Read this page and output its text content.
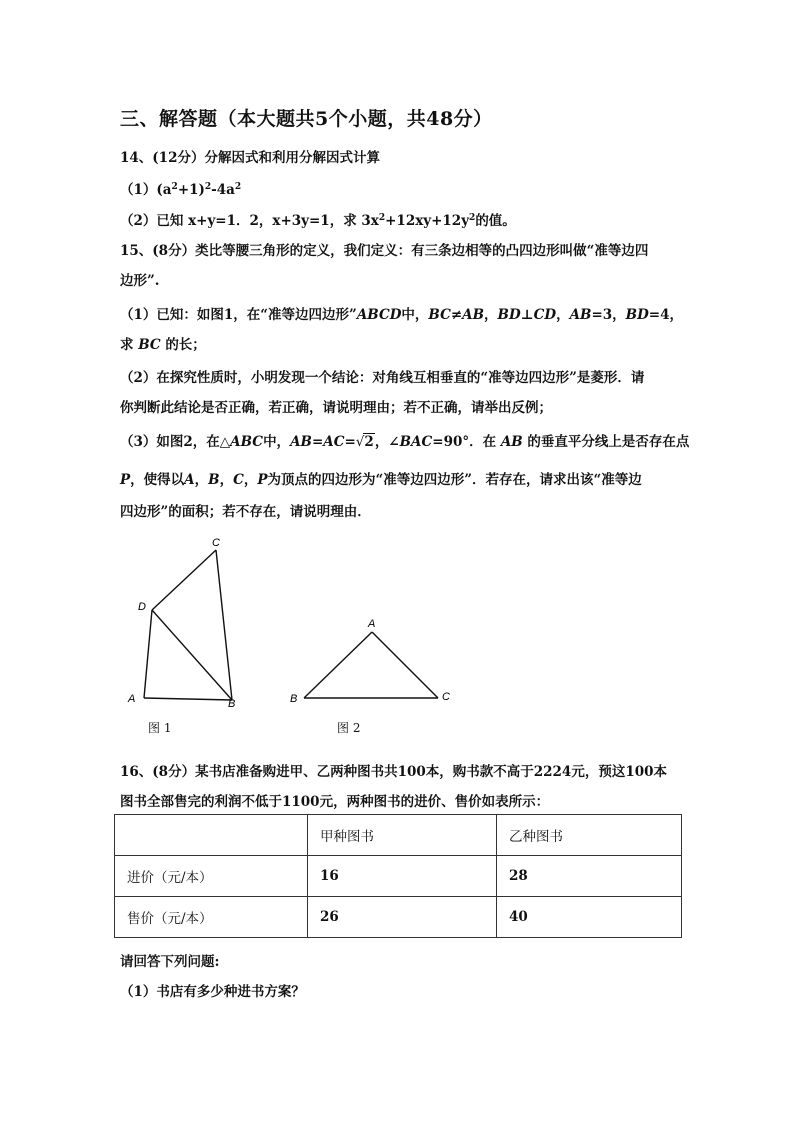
三、解答题（本大题共5个小题，共48分）
14、(12分）分解因式和利用分解因式计算
$(1)(a^2+1)^2-4a^2$
（2）已知 x+y=1．2，x+3y=1，求 $3x^2+12xy+12y^2$的值。
15、(8分）类比等腰三角形的定义，我们定义：有三条边相等的凸四边形叫做“准等边四
边形”.
（1）已知：如图1，在“准等边四边形”ABCD中，BC≠AB，BD⊥CD，AB=3，BD=4，
求 BC 的长；
（2）在探究性质时，小明发现一个结论：对角线互相垂直的“准等边四边形”是菱形．请
你判断此结论是否正确，若正确，请说明理由；若不正确，请举出反例；
（3）如图2，在△ABC中，AB=AC=√2，∠BAC=90°．在 AB 的垂直平分线上是否存在点
P，使得以A，B，C，P为顶点的四边形为“准等边四边形”．若存在，请求出该“准等边
四边形”的面积；若不存在，请说明理由．
C
D
A	B
图 1
A
B	C
图 2
16、(8分）某书店准备购进甲、乙两种图书共100本，购书款不高于2224元，预这100本
图书全部售完的利润不低于1100元，两种图书的进价、售价如表所示：
	甲种图书	乙种图书
进价（元/本）	16	28
售价（元/本）	26	40
请回答下列问题:
（1）书店有多少种进书方案？
